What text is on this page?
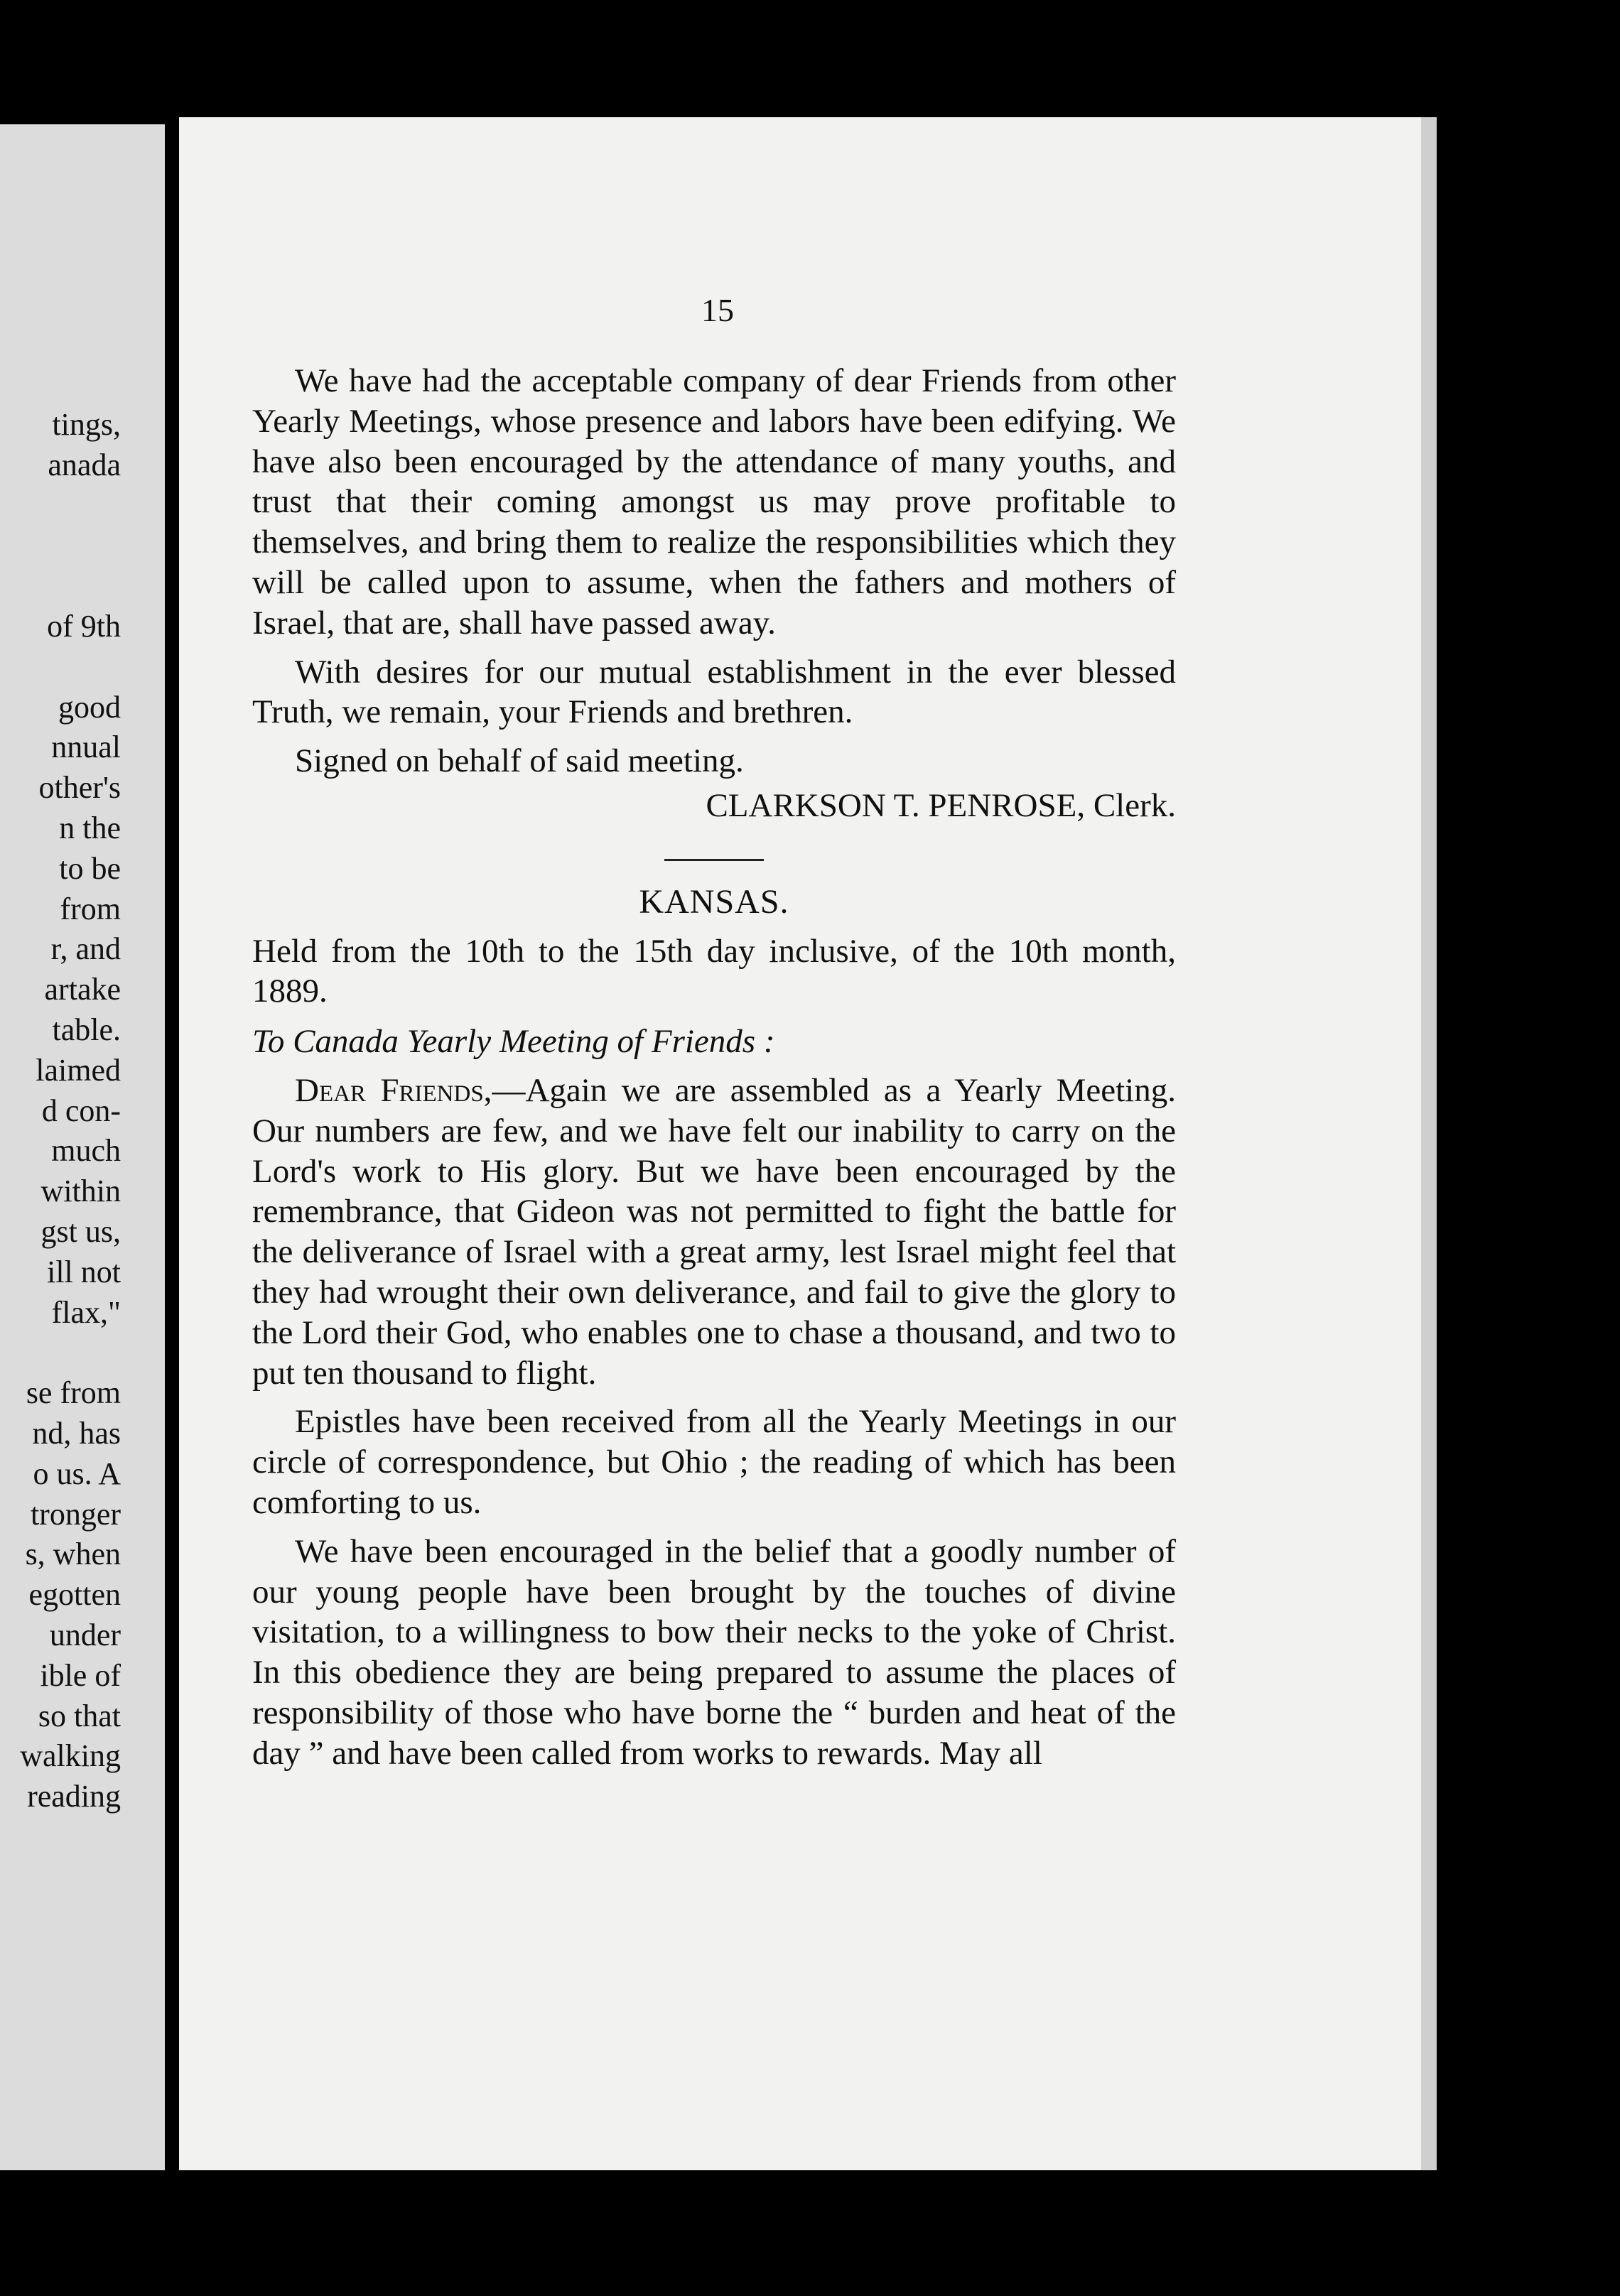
tings,
anada
of 9th
good
nnual
other's
n the
to be
from
r, and
artake
table.
laimed
d con-
much
within
gst us,
ill not
flax,"
se from
nd, has
o us. A
tronger
s, when
egotten
under
ible of
so that
walking
reading
15

We have had the acceptable company of dear Friends from other Yearly Meetings, whose presence and labors have been edifying. We have also been encouraged by the attendance of many youths, and trust that their coming amongst us may prove profitable to themselves, and bring them to realize the responsibilities which they will be called upon to assume, when the fathers and mothers of Israel, that are, shall have passed away.

With desires for our mutual establishment in the ever blessed Truth, we remain, your Friends and brethren.

Signed on behalf of said meeting.

CLARKSON T. PENROSE, Clerk.

KANSAS.

Held from the 10th to the 15th day inclusive, of the 10th month, 1889.

To Canada Yearly Meeting of Friends :

Dear Friends,—Again we are assembled as a Yearly Meeting. Our numbers are few, and we have felt our inability to carry on the Lord's work to His glory. But we have been encouraged by the remembrance, that Gideon was not permitted to fight the battle for the deliverance of Israel with a great army, lest Israel might feel that they had wrought their own deliverance, and fail to give the glory to the Lord their God, who enables one to chase a thousand, and two to put ten thousand to flight.

Epistles have been received from all the Yearly Meetings in our circle of correspondence, but Ohio ; the reading of which has been comforting to us.

We have been encouraged in the belief that a goodly number of our young people have been brought by the touches of divine visitation, to a willingness to bow their necks to the yoke of Christ. In this obedience they are being prepared to assume the places of responsibility of those who have borne the “ burden and heat of the day ” and have been called from works to rewards. May all
